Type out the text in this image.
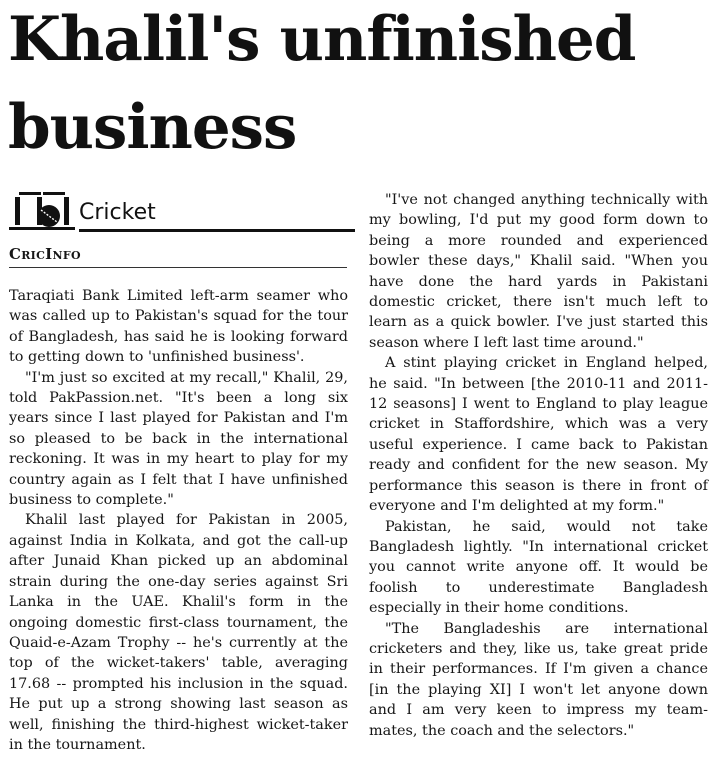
Khalil's unfinished business
Cricket
CricInfo

Taraqiati Bank Limited left-arm seamer who was called up to Pakistan's squad for the tour of Bangladesh, has said he is looking forward to getting down to 'unfinished business'.

"I'm just so excited at my recall," Khalil, 29, told PakPassion.net. "It's been a long six years since I last played for Pakistan and I'm so pleased to be back in the international reckoning. It was in my heart to play for my country again as I felt that I have unfinished business to complete."

Khalil last played for Pakistan in 2005, against India in Kolkata, and got the call-up after Junaid Khan picked up an abdominal strain during the one-day series against Sri Lanka in the UAE. Khalil's form in the ongoing domestic first-class tournament, the Quaid-e-Azam Trophy -- he's currently at the top of the wicket-takers' table, averaging 17.68 -- prompted his inclusion in the squad. He put up a strong showing last season as well, finishing the third-highest wicket-taker in the tournament.

"I've not changed anything technically with my bowling, I'd put my good form down to being a more rounded and experienced bowler these days," Khalil said. "When you have done the hard yards in Pakistani domestic cricket, there isn't much left to learn as a quick bowler. I've just started this season where I left last time around."

A stint playing cricket in England helped, he said. "In between [the 2010-11 and 2011-12 seasons] I went to England to play league cricket in Staffordshire, which was a very useful experience. I came back to Pakistan ready and confident for the new season. My performance this season is there in front of everyone and I'm delighted at my form."

Pakistan, he said, would not take Bangladesh lightly. "In international cricket you cannot write anyone off. It would be foolish to underestimate Bangladesh especially in their home conditions.

"The Bangladeshis are international cricketers and they, like us, take great pride in their performances. If I'm given a chance [in the playing XI] I won't let anyone down and I am very keen to impress my team-mates, the coach and the selectors."
